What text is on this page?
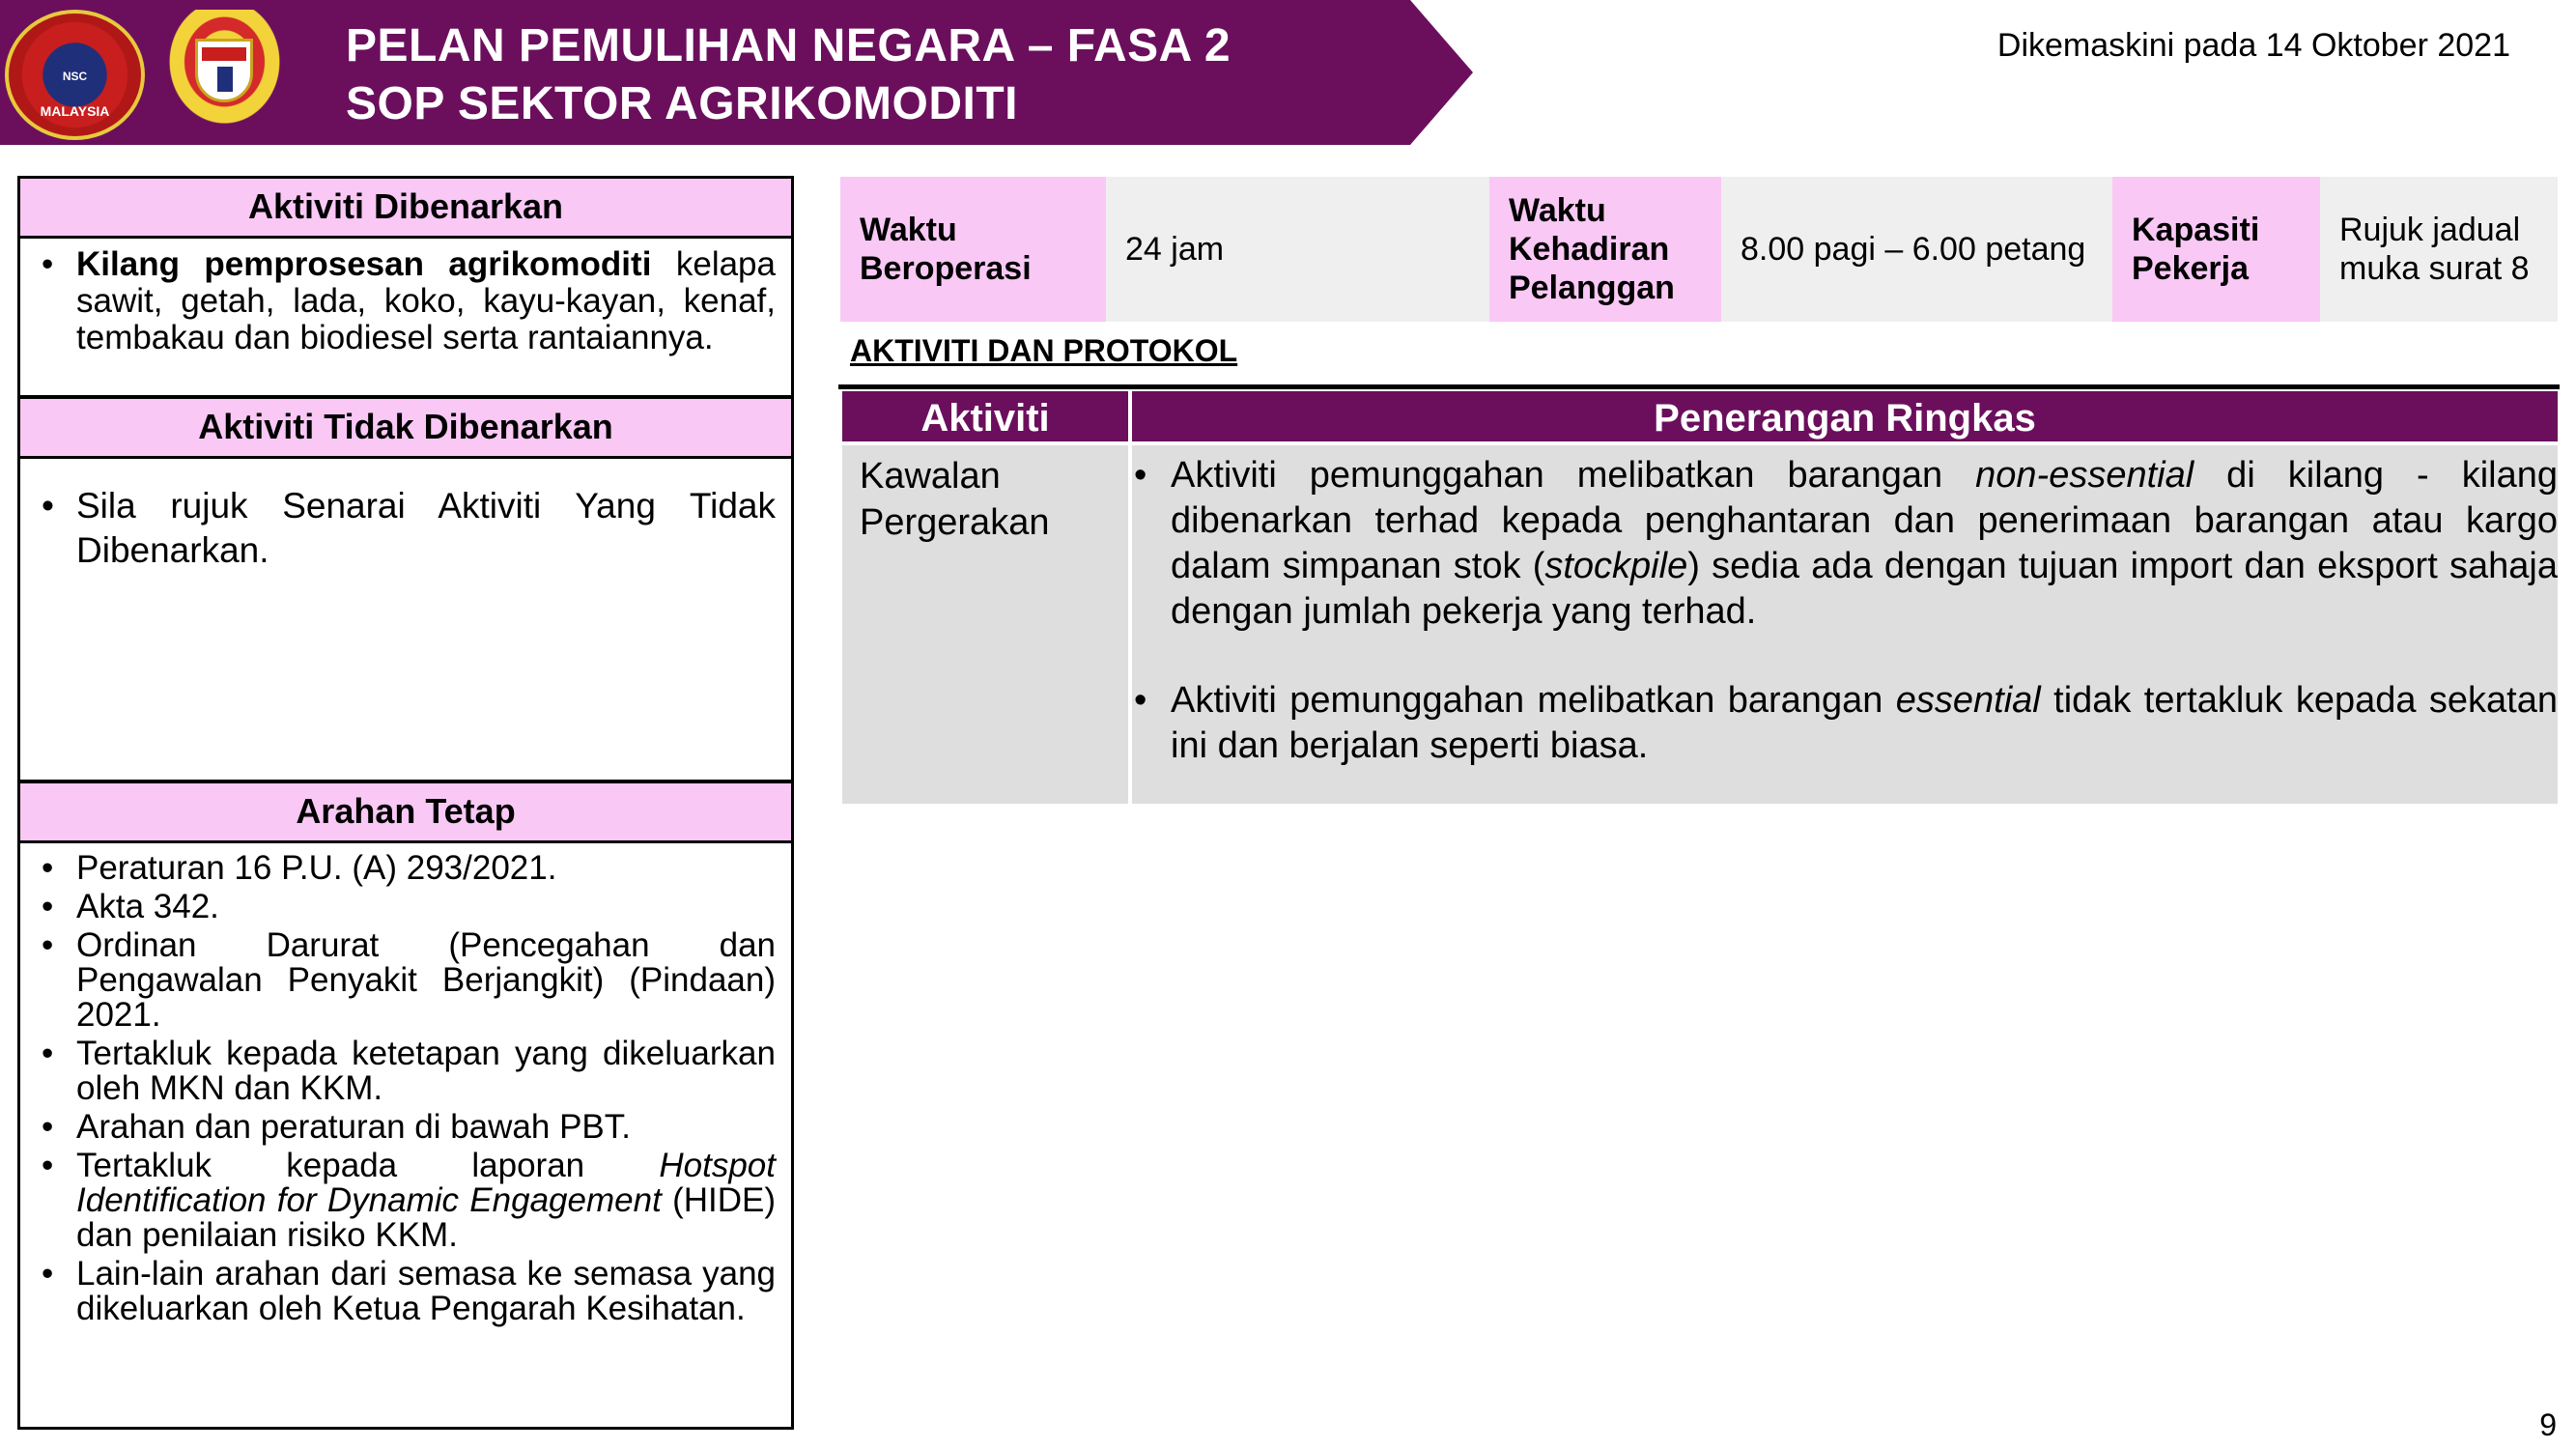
NSC
MALAYSIA
PELAN PEMULIHAN NEGARA – FASA 2
SOP SEKTOR AGRIKOMODITI
Dikemaskini pada 14 Oktober 2021
Aktiviti Dibenarkan
• Kilang pemprosesan agrikomoditi kelapa sawit, getah, lada, koko, kayu-kayan, kenaf, tembakau dan biodiesel serta rantaiannya.
Aktiviti Tidak Dibenarkan
• Sila rujuk Senarai Aktiviti Yang Tidak Dibenarkan.
Arahan Tetap
• Peraturan 16 P.U. (A) 293/2021.
• Akta 342.
• Ordinan Darurat (Pencegahan dan Pengawalan Penyakit Berjangkit) (Pindaan) 2021.
• Tertakluk kepada ketetapan yang dikeluarkan oleh MKN dan KKM.
• Arahan dan peraturan di bawah PBT.
• Tertakluk kepada laporan Hotspot Identification for Dynamic Engagement (HIDE) dan penilaian risiko KKM.
• Lain-lain arahan dari semasa ke semasa yang dikeluarkan oleh Ketua Pengarah Kesihatan.
Waktu Beroperasi
24 jam
Waktu Kehadiran Pelanggan
8.00 pagi – 6.00 petang
Kapasiti Pekerja
Rujuk jadual muka surat 8
AKTIVITI DAN PROTOKOL
Aktiviti	Penerangan Ringkas
Kawalan Pergerakan
• Aktiviti pemunggahan melibatkan barangan non-essential di kilang - kilang dibenarkan terhad kepada penghantaran dan penerimaan barangan atau kargo dalam simpanan stok (stockpile) sedia ada dengan tujuan import dan eksport sahaja dengan jumlah pekerja yang terhad.
• Aktiviti pemunggahan melibatkan barangan essential tidak tertakluk kepada sekatan ini dan berjalan seperti biasa.
9
